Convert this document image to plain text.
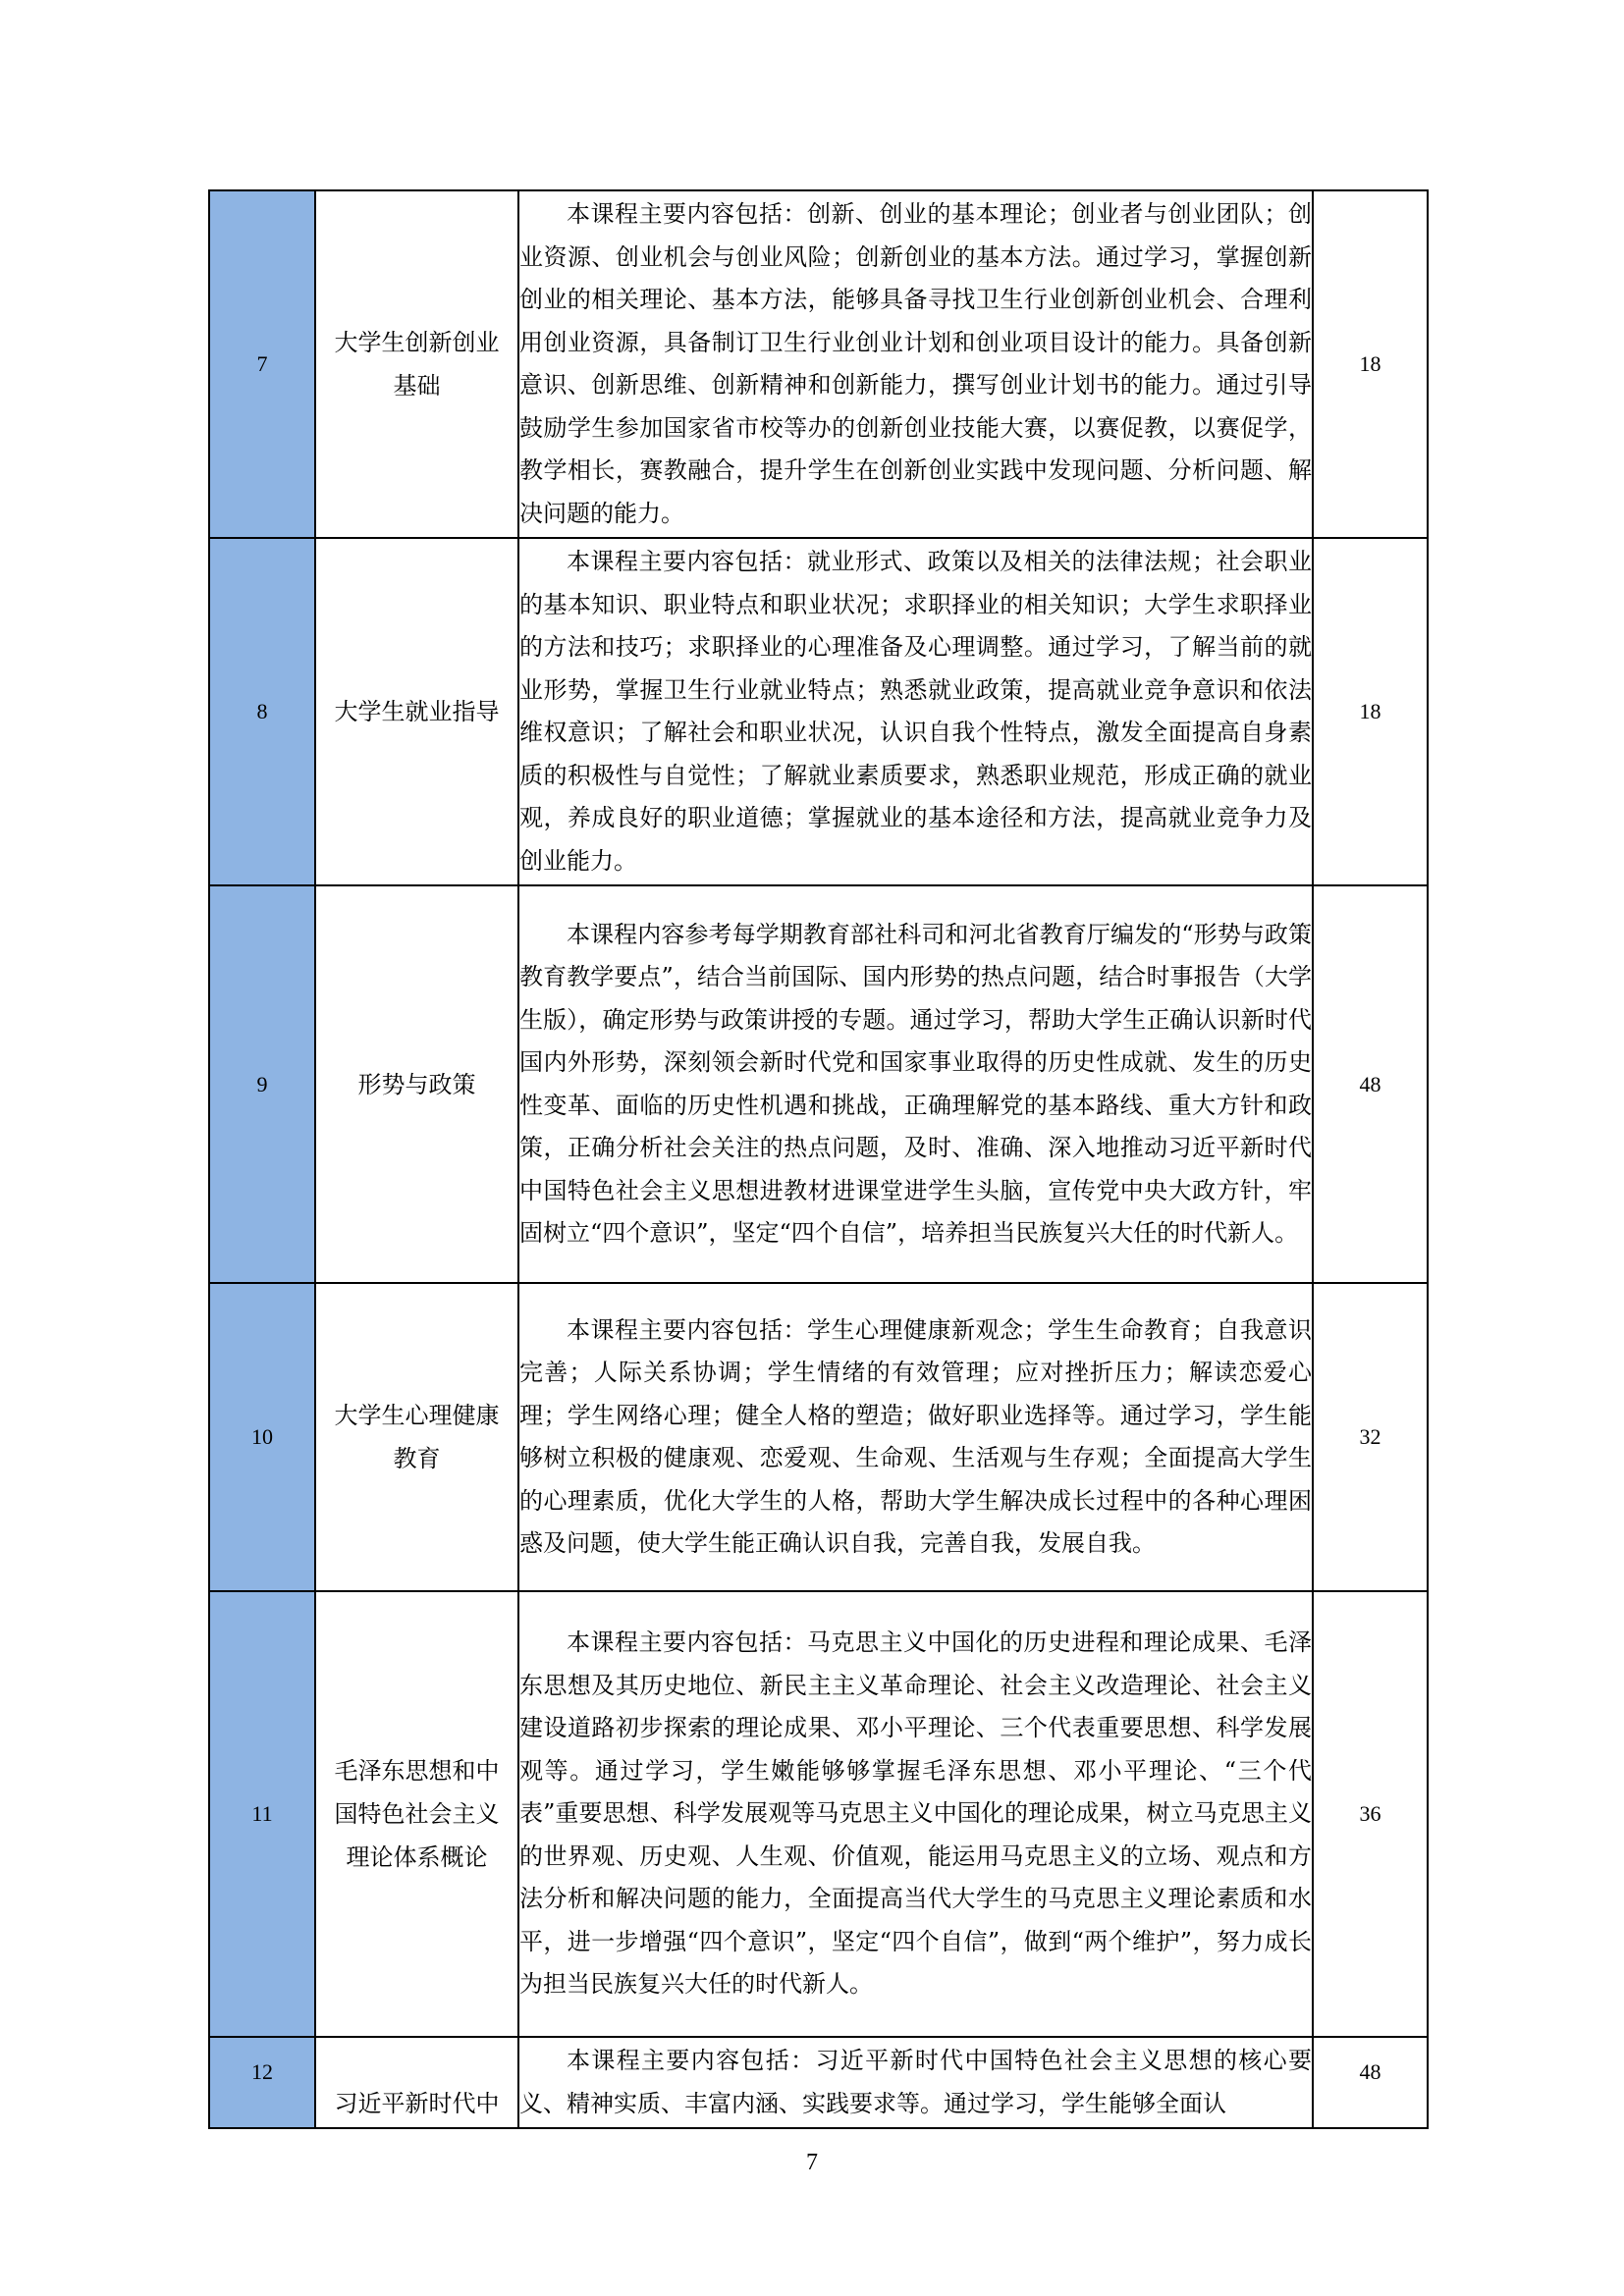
7	大学生创新创业基础	本课程主要内容包括：创新、创业的基本理论；创业者与创业团队；创业资源、创业机会与创业风险；创新创业的基本方法。通过学习，掌握创新创业的相关理论、基本方法，能够具备寻找卫生行业创新创业机会、合理利用创业资源，具备制订卫生行业创业计划和创业项目设计的能力。具备创新意识、创新思维、创新精神和创新能力，撰写创业计划书的能力。通过引导鼓励学生参加国家省市校等办的创新创业技能大赛，以赛促教，以赛促学，教学相长，赛教融合，提升学生在创新创业实践中发现问题、分析问题、解决问题的能力。	18
8	大学生就业指导	本课程主要内容包括：就业形式、政策以及相关的法律法规；社会职业的基本知识、职业特点和职业状况；求职择业的相关知识；大学生求职择业的方法和技巧；求职择业的心理准备及心理调整。通过学习，了解当前的就业形势，掌握卫生行业就业特点；熟悉就业政策，提高就业竞争意识和依法维权意识；了解社会和职业状况，认识自我个性特点，激发全面提高自身素质的积极性与自觉性；了解就业素质要求，熟悉职业规范，形成正确的就业观，养成良好的职业道德；掌握就业的基本途径和方法，提高就业竞争力及创业能力。	18
9	形势与政策	本课程内容参考每学期教育部社科司和河北省教育厅编发的“形势与政策教育教学要点”，结合当前国际、国内形势的热点问题，结合时事报告（大学生版），确定形势与政策讲授的专题。通过学习，帮助大学生正确认识新时代国内外形势，深刻领会新时代党和国家事业取得的历史性成就、发生的历史性变革、面临的历史性机遇和挑战，正确理解党的基本路线、重大方针和政策，正确分析社会关注的热点问题，及时、准确、深入地推动习近平新时代中国特色社会主义思想进教材进课堂进学生头脑，宣传党中央大政方针，牢固树立“四个意识”，坚定“四个自信”，培养担当民族复兴大任的时代新人。	48
10	大学生心理健康教育	本课程主要内容包括：学生心理健康新观念；学生生命教育；自我意识完善；人际关系协调；学生情绪的有效管理；应对挫折压力；解读恋爱心理；学生网络心理；健全人格的塑造；做好职业选择等。通过学习，学生能够树立积极的健康观、恋爱观、生命观、生活观与生存观；全面提高大学生的心理素质，优化大学生的人格，帮助大学生解决成长过程中的各种心理困惑及问题，使大学生能正确认识自我，完善自我，发展自我。	32
11	毛泽东思想和中国特色社会主义理论体系概论	本课程主要内容包括：马克思主义中国化的历史进程和理论成果、毛泽东思想及其历史地位、新民主主义革命理论、社会主义改造理论、社会主义建设道路初步探索的理论成果、邓小平理论、三个代表重要思想、科学发展观等。通过学习，学生嫩能够够掌握毛泽东思想、邓小平理论、“三个代表”重要思想、科学发展观等马克思主义中国化的理论成果，树立马克思主义的世界观、历史观、人生观、价值观，能运用马克思主义的立场、观点和方法分析和解决问题的能力，全面提高当代大学生的马克思主义理论素质和水平，进一步增强“四个意识”，坚定“四个自信”，做到“两个维护”，努力成长为担当民族复兴大任的时代新人。	36
12	习近平新时代中	本课程主要内容包括：习近平新时代中国特色社会主义思想的核心要义、精神实质、丰富内涵、实践要求等。通过学习，学生能够全面认	48
7
